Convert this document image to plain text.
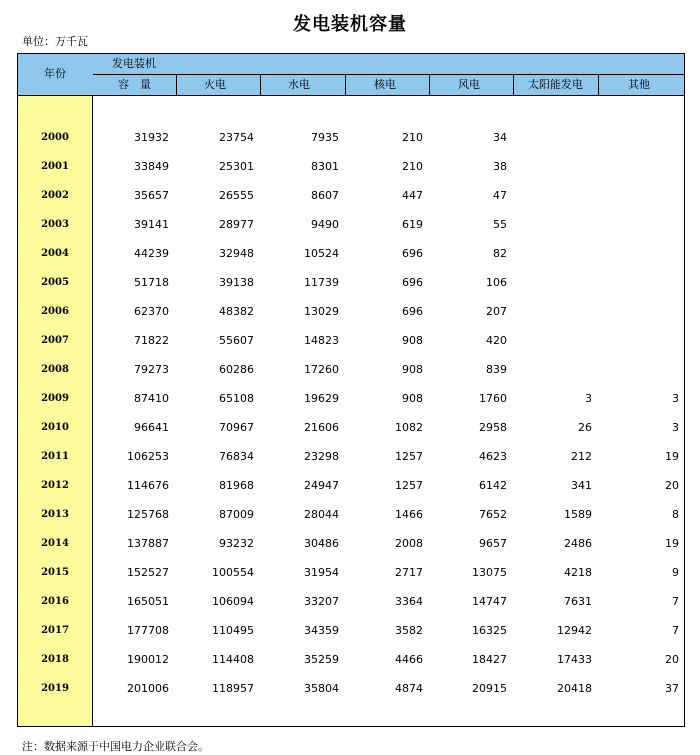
发电装机容量
单位：万千瓦
年份
发电装机
容　量	火电	水电	核电	风电	太阳能发电	其他
2000	31932	23754	7935	210	34
2001	33849	25301	8301	210	38
2002	35657	26555	8607	447	47
2003	39141	28977	9490	619	55
2004	44239	32948	10524	696	82
2005	51718	39138	11739	696	106
2006	62370	48382	13029	696	207
2007	71822	55607	14823	908	420
2008	79273	60286	17260	908	839
2009	87410	65108	19629	908	1760	3	3
2010	96641	70967	21606	1082	2958	26	3
2011	106253	76834	23298	1257	4623	212	19
2012	114676	81968	24947	1257	6142	341	20
2013	125768	87009	28044	1466	7652	1589	8
2014	137887	93232	30486	2008	9657	2486	19
2015	152527	100554	31954	2717	13075	4218	9
2016	165051	106094	33207	3364	14747	7631	7
2017	177708	110495	34359	3582	16325	12942	7
2018	190012	114408	35259	4466	18427	17433	20
2019	201006	118957	35804	4874	20915	20418	37
注：数据来源于中国电力企业联合会。
